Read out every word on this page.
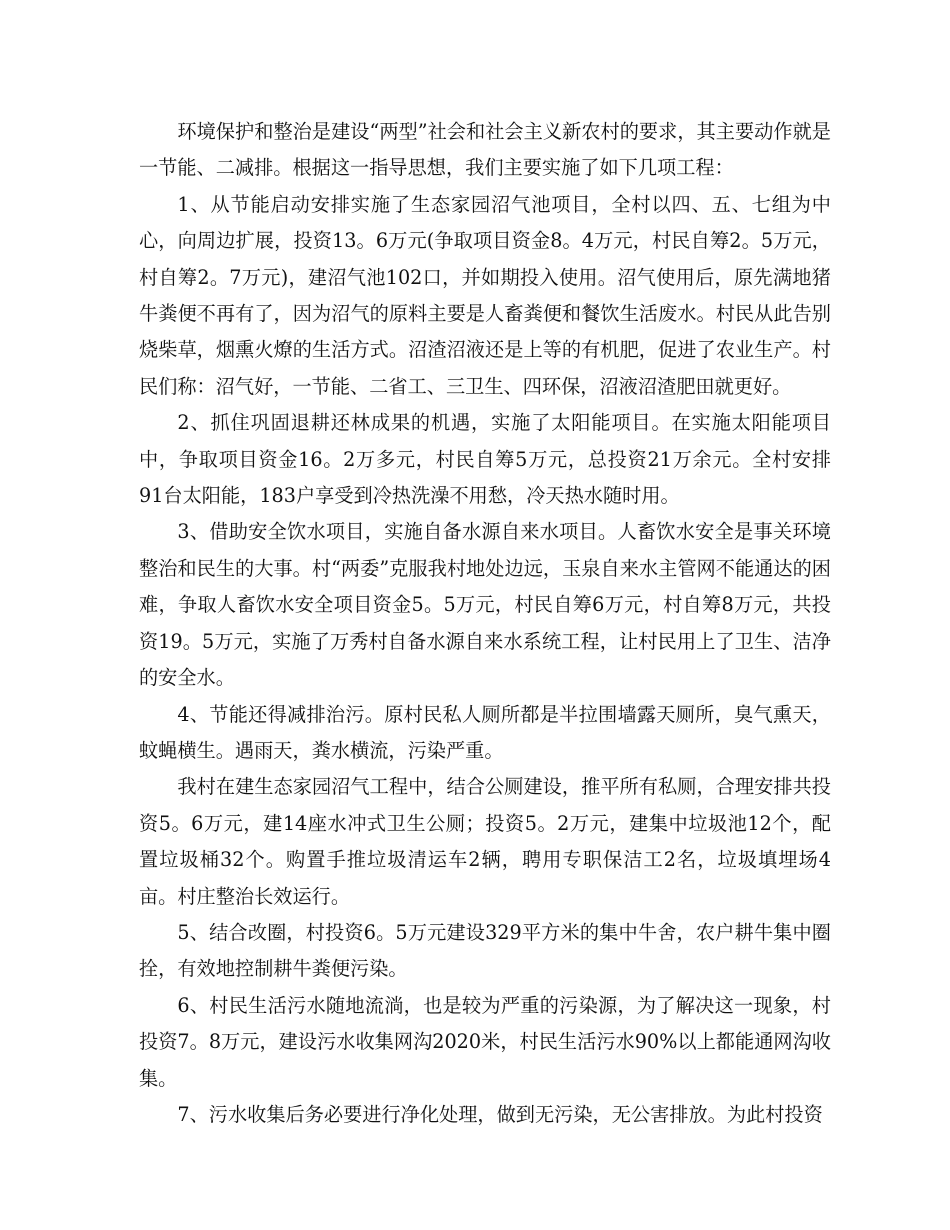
环境保护和整治是建设“两型”社会和社会主义新农村的要求，其主要动作就是一节能、二减排。根据这一指导思想，我们主要实施了如下几项工程：

1、从节能启动安排实施了生态家园沼气池项目，全村以四、五、七组为中心，向周边扩展，投资13。6万元(争取项目资金8。4万元，村民自筹2。5万元，村自筹2。7万元)，建沼气池102口，并如期投入使用。沼气使用后，原先满地猪牛粪便不再有了，因为沼气的原料主要是人畜粪便和餐饮生活废水。村民从此告别烧柴草，烟熏火燎的生活方式。沼渣沼液还是上等的有机肥，促进了农业生产。村民们称：沼气好，一节能、二省工、三卫生、四环保，沼液沼渣肥田就更好。

2、抓住巩固退耕还林成果的机遇，实施了太阳能项目。在实施太阳能项目中，争取项目资金16。2万多元，村民自筹5万元，总投资21万余元。全村安排91台太阳能，183户享受到冷热洗澡不用愁，冷天热水随时用。

3、借助安全饮水项目，实施自备水源自来水项目。人畜饮水安全是事关环境整治和民生的大事。村“两委”克服我村地处边远，玉泉自来水主管网不能通达的困难，争取人畜饮水安全项目资金5。5万元，村民自筹6万元，村自筹8万元，共投资19。5万元，实施了万秀村自备水源自来水系统工程，让村民用上了卫生、洁净的安全水。

4、节能还得减排治污。原村民私人厕所都是半拉围墙露天厕所，臭气熏天，蚊蝇横生。遇雨天，粪水横流，污染严重。

我村在建生态家园沼气工程中，结合公厕建设，推平所有私厕，合理安排共投资5。6万元，建14座水冲式卫生公厕；投资5。2万元，建集中垃圾池12个，配置垃圾桶32个。购置手推垃圾清运车2辆，聘用专职保洁工2名，垃圾填埋场4亩。村庄整治长效运行。

5、结合改圈，村投资6。5万元建设329平方米的集中牛舍，农户耕牛集中圈拴，有效地控制耕牛粪便污染。

6、村民生活污水随地流淌，也是较为严重的污染源，为了解决这一现象，村投资7。8万元，建设污水收集网沟2020米，村民生活污水90%以上都能通网沟收集。

7、污水收集后务必要进行净化处理，做到无污染，无公害排放。为此村投资
